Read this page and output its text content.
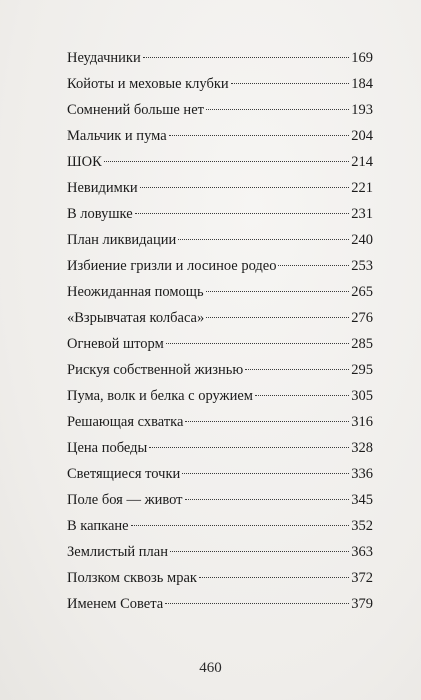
Неудачники	169
Койоты и меховые клубки	184
Сомнений больше нет	193
Мальчик и пума	204
ШОК	214
Невидимки	221
В ловушке	231
План ликвидации	240
Избиение гризли и лосиное родео	253
Неожиданная помощь	265
«Взрывчатая колбаса»	276
Огневой шторм	285
Рискуя собственной жизнью	295
Пума, волк и белка с оружием	305
Решающая схватка	316
Цена победы	328
Светящиеся точки	336
Поле боя — живот	345
В капкане	352
Землистый план	363
Ползком сквозь мрак	372
Именем Совета	379
460
